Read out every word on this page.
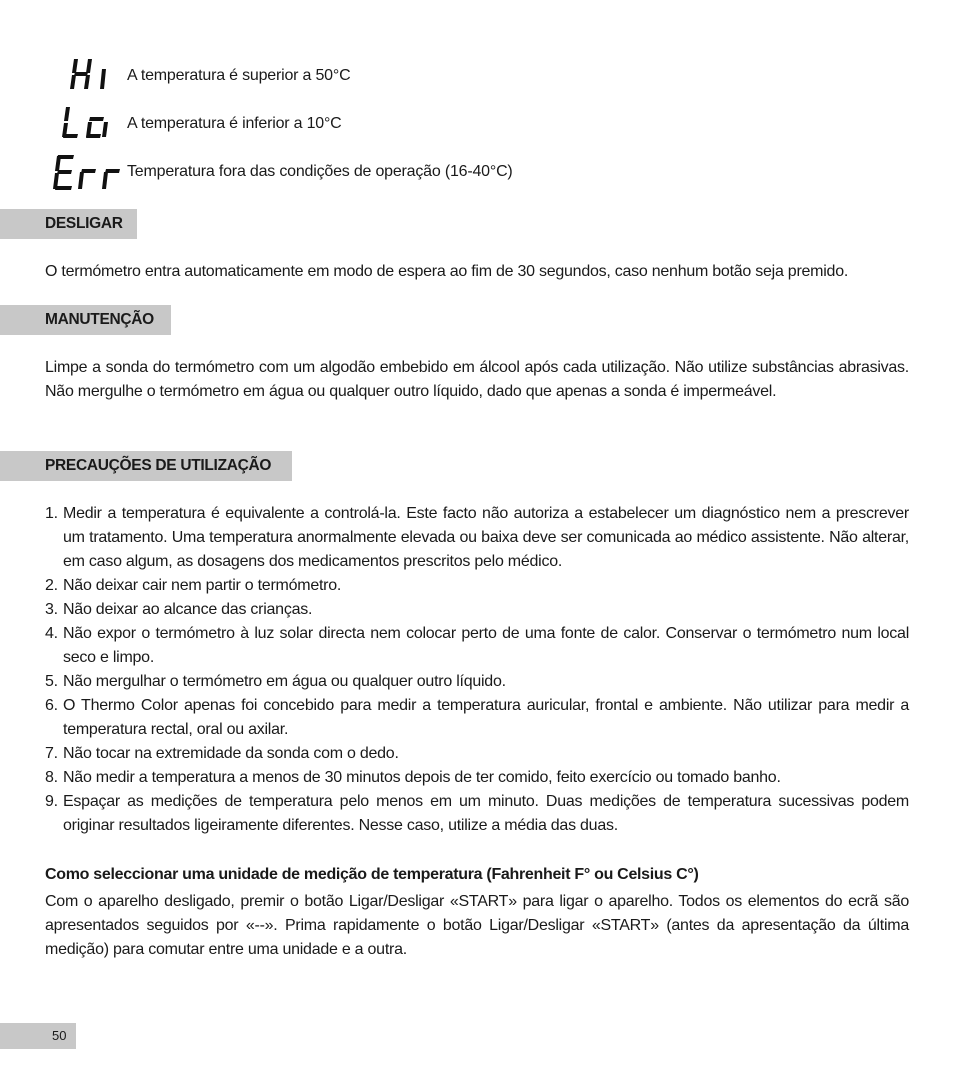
A temperatura é superior a 50°C
A temperatura é inferior a 10°C
Temperatura fora das condições de operação (16-40°C)
DESLIGAR

O termómetro entra automaticamente em modo de espera ao fim de 30 segundos, caso nenhum botão seja premido.

MANUTENÇÃO

Limpe a sonda do termómetro com um algodão embebido em álcool após cada utilização. Não utilize substâncias abrasivas. Não mergulhe o termómetro em água ou qualquer outro líquido, dado que apenas a sonda é impermeável.

PRECAUÇÕES DE UTILIZAÇÃO
1. Medir a temperatura é equivalente a controlá-la. Este facto não autoriza a estabelecer um diagnóstico nem a prescrever um tratamento. Uma temperatura anormalmente elevada ou baixa deve ser comunicada ao médico assistente. Não alterar, em caso algum, as dosagens dos medicamentos prescritos pelo médico.
2. Não deixar cair nem partir o termómetro.
3. Não deixar ao alcance das crianças.
4. Não expor o termómetro à luz solar directa nem colocar perto de uma fonte de calor. Conservar o termómetro num local seco e limpo.
5. Não mergulhar o termómetro em água ou qualquer outro líquido.
6. O Thermo Color apenas foi concebido para medir a temperatura auricular, frontal e ambiente. Não utilizar para medir a temperatura rectal, oral ou axilar.
7. Não tocar na extremidade da sonda com o dedo.
8. Não medir a temperatura a menos de 30 minutos depois de ter comido, feito exercício ou tomado banho.
9. Espaçar as medições de temperatura pelo menos em um minuto. Duas medições de temperatura sucessivas podem originar resultados ligeiramente diferentes. Nesse caso, utilize a média das duas.
Como seleccionar uma unidade de medição de temperatura (Fahrenheit F° ou Celsius C°)

Com o aparelho desligado, premir o botão Ligar/Desligar «START» para ligar o aparelho. Todos os elementos do ecrã são apresentados seguidos por «--». Prima rapidamente o botão Ligar/Desligar «START» (antes da apresentação da última medição) para comutar entre uma unidade e a outra.

50
